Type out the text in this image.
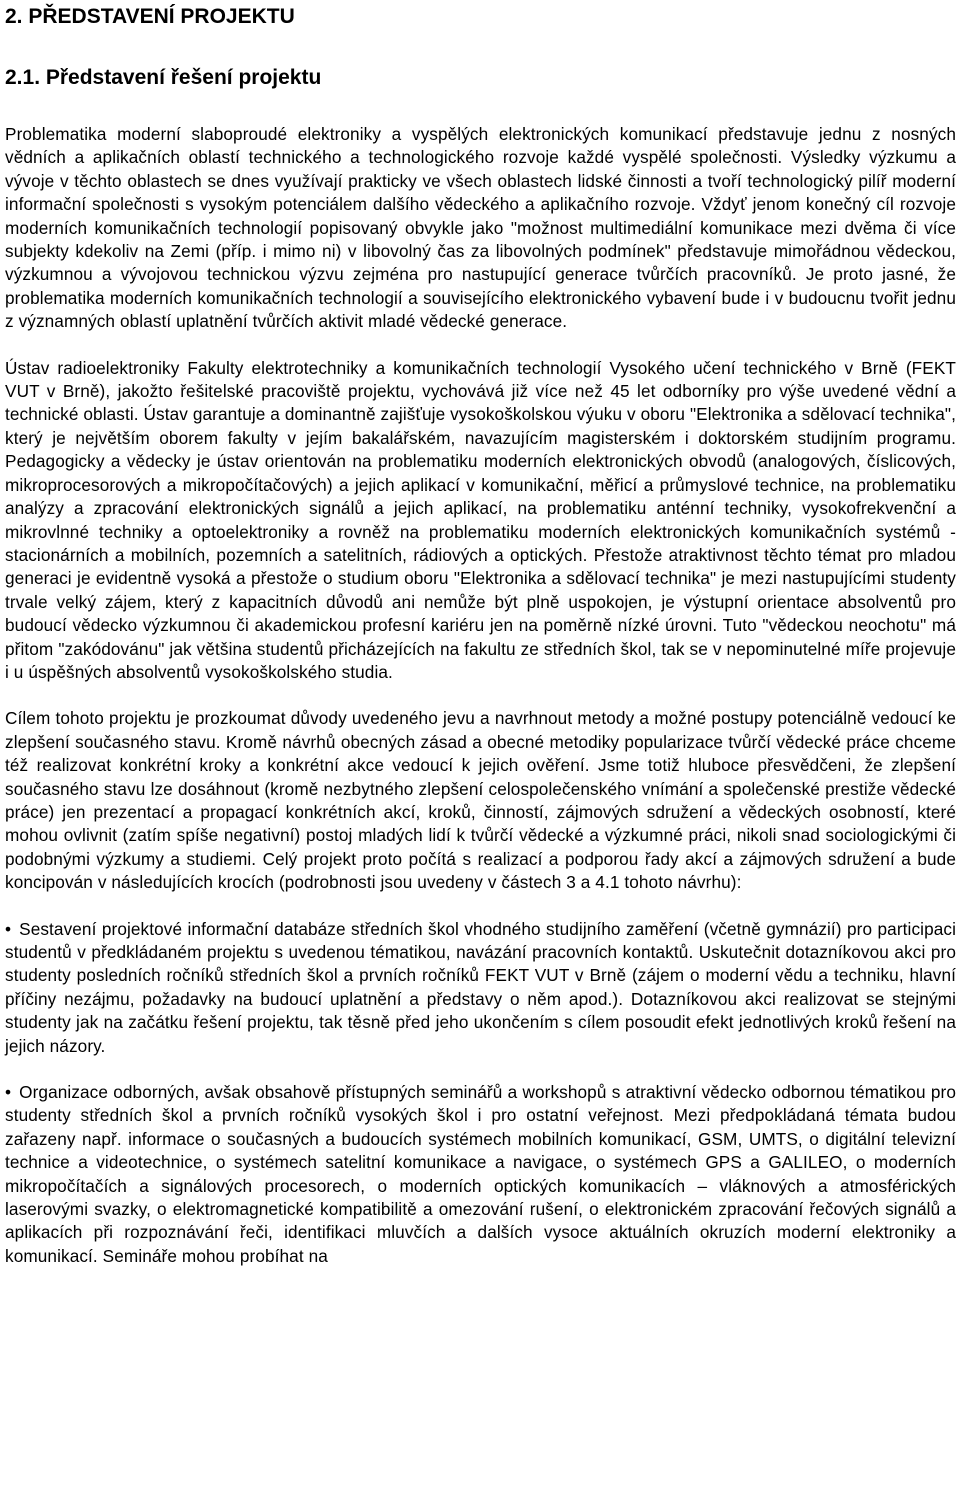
2. PŘEDSTAVENÍ PROJEKTU
2.1. Představení řešení projektu

Problematika moderní slaboproudé elektroniky a vyspělých elektronických komunikací představuje jednu z nosných vědních a aplikačních oblastí technického a technologického rozvoje každé vyspělé společnosti. Výsledky výzkumu a vývoje v těchto oblastech se dnes využívají prakticky ve všech oblastech lidské činnosti a tvoří technologický pilíř moderní informační společnosti s vysokým potenciálem dalšího vědeckého a aplikačního rozvoje. Vždyť jenom konečný cíl rozvoje moderních komunikačních technologií popisovaný obvykle jako "možnost multimediální komunikace mezi dvěma či více subjekty kdekoliv na Zemi (příp. i mimo ni) v libovolný čas za libovolných podmínek" představuje mimořádnou vědeckou, výzkumnou a vývojovou technickou výzvu zejména pro nastupující generace tvůrčích pracovníků. Je proto jasné, že problematika moderních komunikačních technologií a souvisejícího elektronického vybavení bude i v budoucnu tvořit jednu z významných oblastí uplatnění tvůrčích aktivit mladé vědecké generace.

Ústav radioelektroniky Fakulty elektrotechniky a komunikačních technologií Vysokého učení technického v Brně (FEKT VUT v Brně), jakožto řešitelské pracoviště projektu, vychovává již více než 45 let odborníky pro výše uvedené vědní a technické oblasti. Ústav garantuje a dominantně zajišťuje vysokoškolskou výuku v oboru "Elektronika a sdělovací technika", který je největším oborem fakulty v jejím bakalářském, navazujícím magisterském i doktorském studijním programu. Pedagogicky a vědecky je ústav orientován na problematiku moderních elektronických obvodů (analogových, číslicových, mikroprocesorových a mikropočítačových) a jejich aplikací v komunikační, měřicí a průmyslové technice, na problematiku analýzy a zpracování elektronických signálů a jejich aplikací, na problematiku anténní techniky, vysokofrekvenční a mikrovlnné techniky a optoelektroniky a rovněž na problematiku moderních elektronických komunikačních systémů - stacionárních a mobilních, pozemních a satelitních, rádiových a optických. Přestože atraktivnost těchto témat pro mladou generaci je evidentně vysoká a přestože o studium oboru "Elektronika a sdělovací technika" je mezi nastupujícími studenty trvale velký zájem, který z kapacitních důvodů ani nemůže být plně uspokojen, je výstupní orientace absolventů pro budoucí vědecko výzkumnou či akademickou profesní kariéru jen na poměrně nízké úrovni. Tuto "vědeckou neochotu" má přitom "zakódovánu" jak většina studentů přicházejících na fakultu ze středních škol, tak se v nepominutelné míře projevuje i u úspěšných absolventů vysokoškolského studia.

Cílem tohoto projektu je prozkoumat důvody uvedeného jevu a navrhnout metody a možné postupy potenciálně vedoucí ke zlepšení současného stavu. Kromě návrhů obecných zásad a obecné metodiky popularizace tvůrčí vědecké práce chceme též realizovat konkrétní kroky a konkrétní akce vedoucí k jejich ověření. Jsme totiž hluboce přesvědčeni, že zlepšení současného stavu lze dosáhnout (kromě nezbytného zlepšení celospolečenského vnímání a společenské prestiže vědecké práce) jen prezentací a propagací konkrétních akcí, kroků, činností, zájmových sdružení a vědeckých osobností, které mohou ovlivnit (zatím spíše negativní) postoj mladých lidí k tvůrčí vědecké a výzkumné práci, nikoli snad sociologickými či podobnými výzkumy a studiemi. Celý projekt proto počítá s realizací a podporou řady akcí a zájmových sdružení a bude koncipován v následujících krocích (podrobnosti jsou uvedeny v částech 3 a 4.1 tohoto návrhu):

• Sestavení projektové informační databáze středních škol vhodného studijního zaměření (včetně gymnázií) pro participaci studentů v předkládaném projektu s uvedenou tématikou, navázání pracovních kontaktů. Uskutečnit dotazníkovou akci pro studenty posledních ročníků středních škol a prvních ročníků FEKT VUT v Brně (zájem o moderní vědu a techniku, hlavní příčiny nezájmu, požadavky na budoucí uplatnění a představy o něm apod.). Dotazníkovou akci realizovat se stejnými studenty jak na začátku řešení projektu, tak těsně před jeho ukončením s cílem posoudit efekt jednotlivých kroků řešení na jejich názory.

• Organizace odborných, avšak obsahově přístupných seminářů a workshopů s atraktivní vědecko odbornou tématikou pro studenty středních škol a prvních ročníků vysokých škol i pro ostatní veřejnost. Mezi předpokládaná témata budou zařazeny např. informace o současných a budoucích systémech mobilních komunikací, GSM, UMTS, o digitální televizní technice a videotechnice, o systémech satelitní komunikace a navigace, o systémech GPS a GALILEO, o moderních mikropočítačích a signálových procesorech, o moderních optických komunikacích – vláknových a atmosférických laserovými svazky, o elektromagnetické kompatibilitě a omezování rušení, o elektronickém zpracování řečových signálů a aplikacích při rozpoznávání řeči, identifikaci mluvčích a dalších vysoce aktuálních okruzích moderní elektroniky a komunikací. Semináře mohou probíhat na
